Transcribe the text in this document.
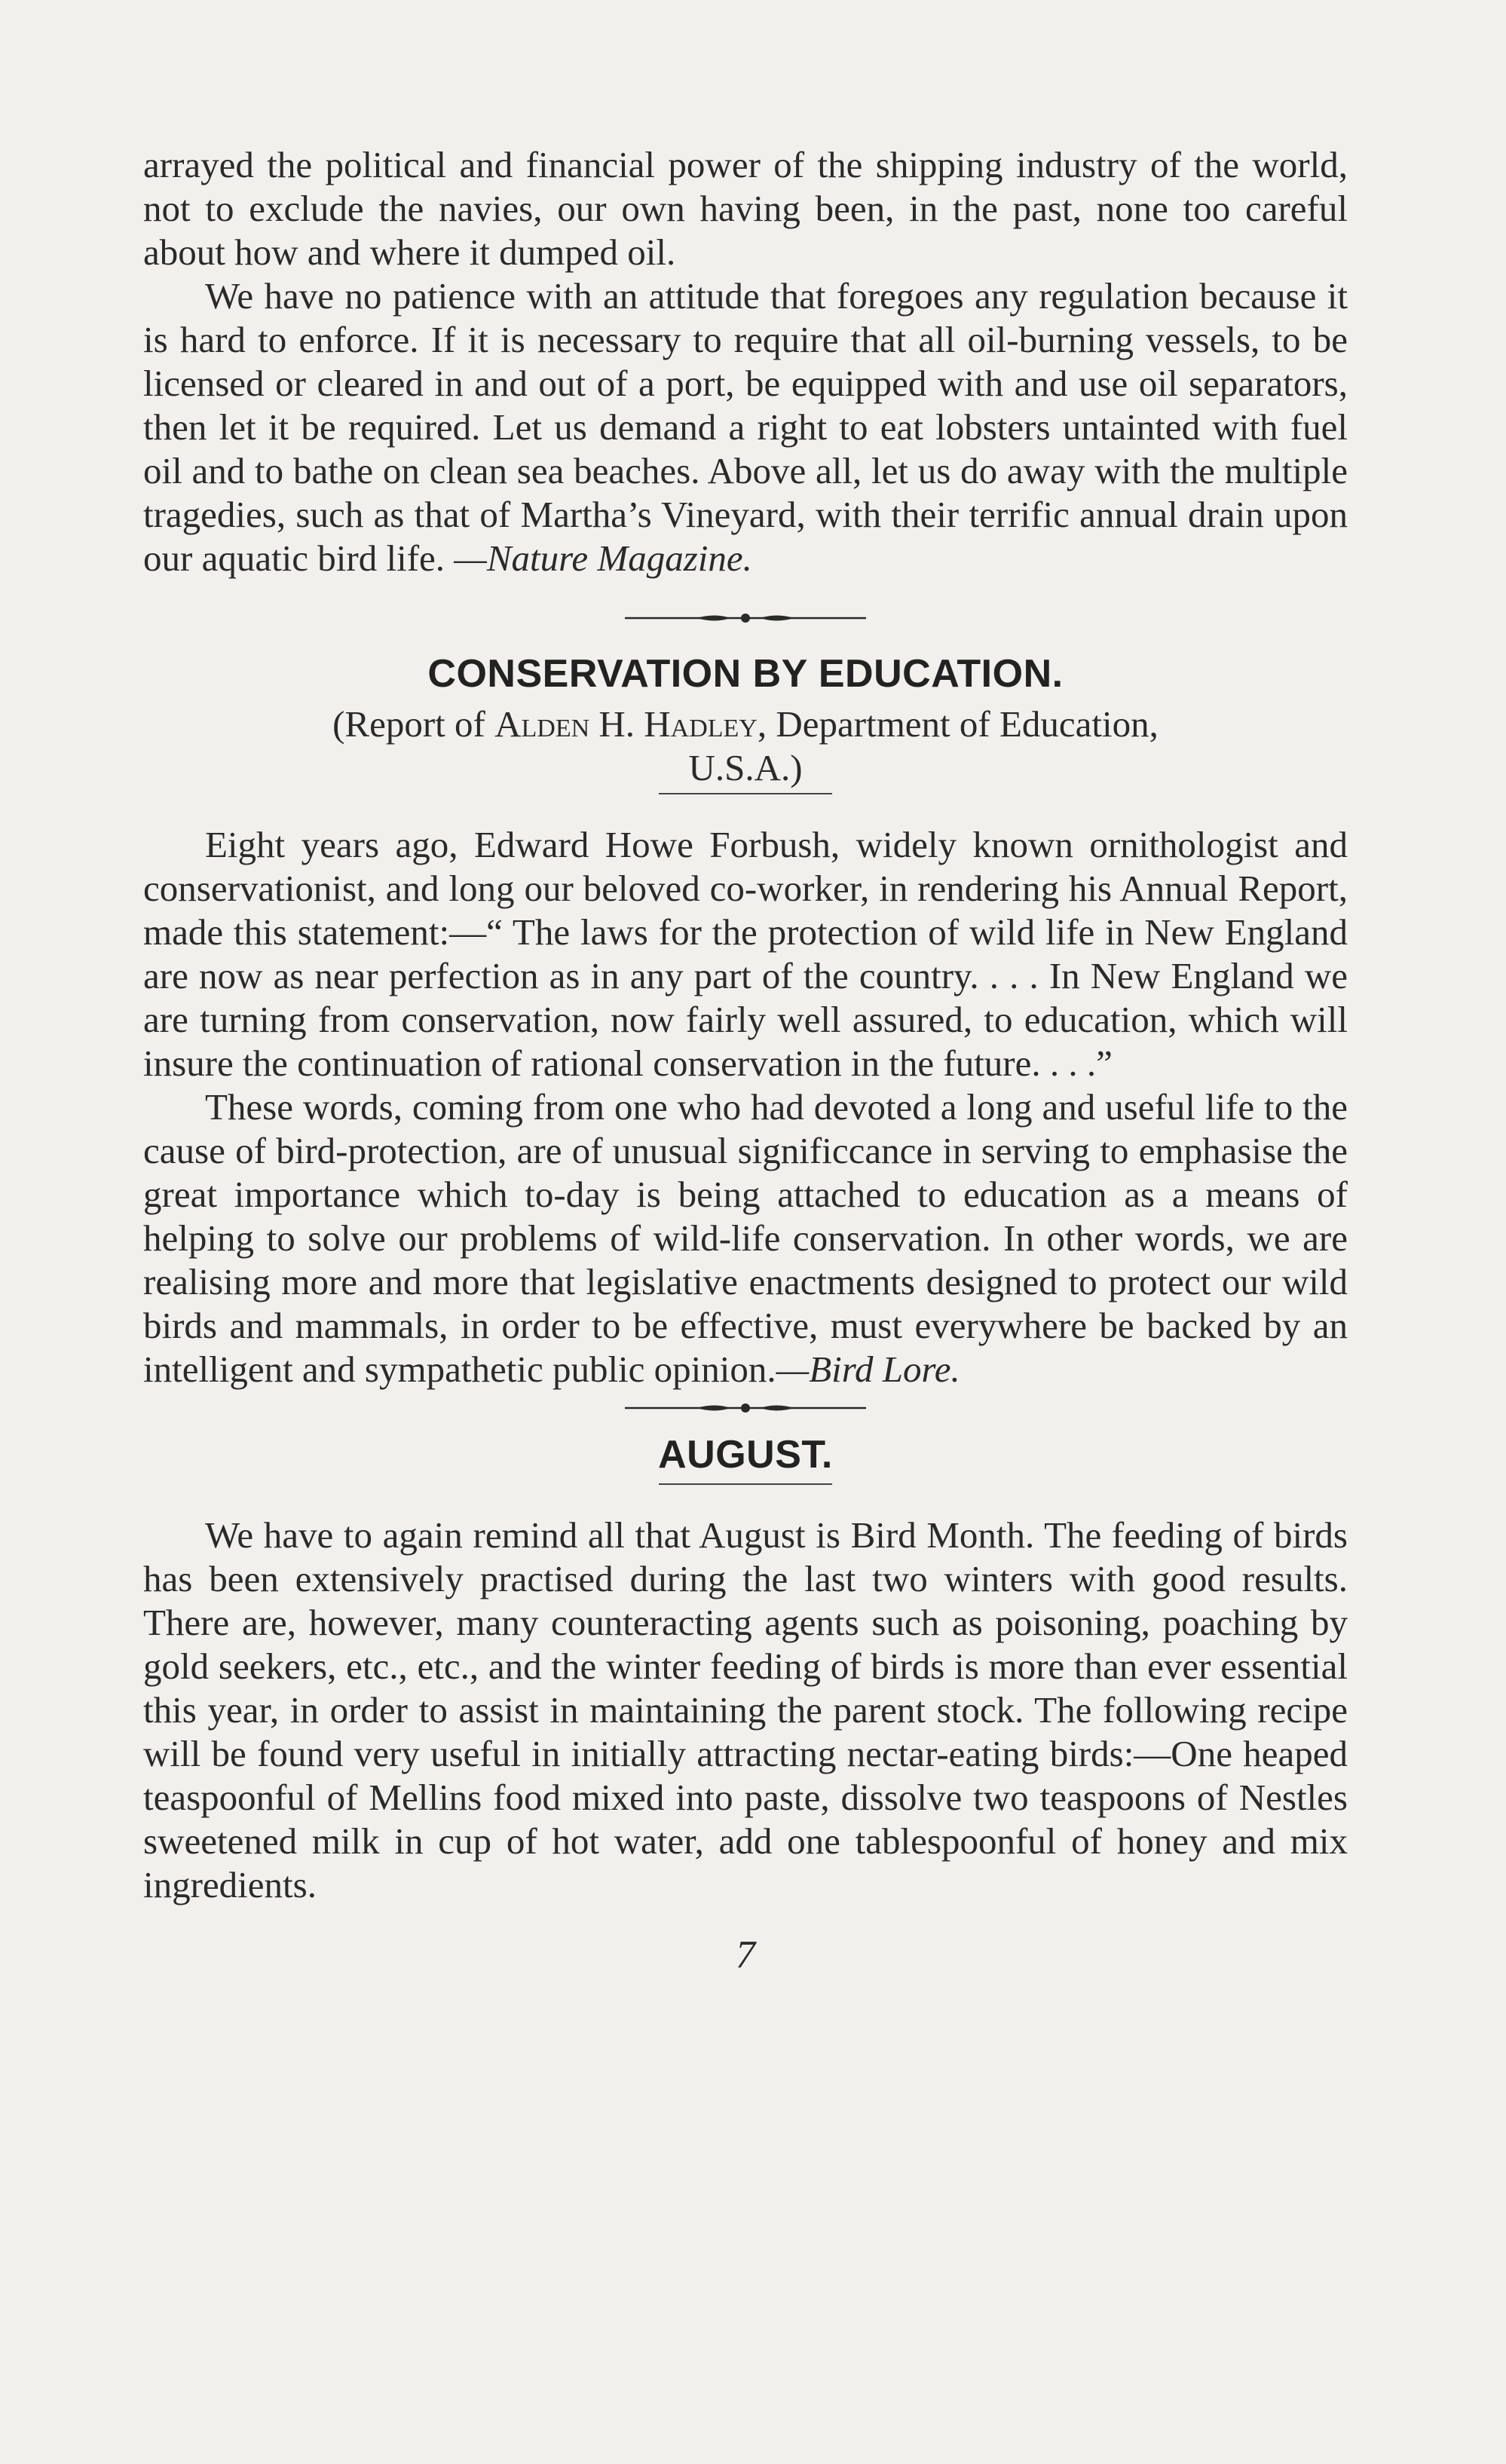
arrayed the political and financial power of the shipping industry of the world, not to exclude the navies, our own having been, in the past, none too careful about how and where it dumped oil.

We have no patience with an attitude that foregoes any regulation because it is hard to enforce. If it is necessary to require that all oil-burning vessels, to be licensed or cleared in and out of a port, be equipped with and use oil separators, then let it be required. Let us demand a right to eat lobsters untainted with fuel oil and to bathe on clean sea beaches. Above all, let us do away with the multiple tragedies, such as that of Martha’s Vineyard, with their terrific annual drain upon our aquatic bird life. —Nature Magazine.

CONSERVATION BY EDUCATION.

(Report of Alden H. Hadley, Department of Education,

U.S.A.)

Eight years ago, Edward Howe Forbush, widely known ornithologist and conservationist, and long our beloved co-worker, in rendering his Annual Report, made this statement:—“ The laws for the protection of wild life in New England are now as near perfection as in any part of the country. . . . In New England we are turning from conservation, now fairly well assured, to education, which will insure the continuation of rational conservation in the future. . . .”

These words, coming from one who had devoted a long and useful life to the cause of bird-protection, are of unusual significcance in serving to emphasise the great importance which to-day is being attached to education as a means of helping to solve our problems of wild-life conservation. In other words, we are realising more and more that legislative enactments designed to protect our wild birds and mammals, in order to be effective, must everywhere be backed by an intelligent and sympathetic public opinion.—Bird Lore.

AUGUST.

We have to again remind all that August is Bird Month. The feeding of birds has been extensively practised during the last two winters with good results. There are, however, many counteracting agents such as poisoning, poaching by gold seekers, etc., etc., and the winter feeding of birds is more than ever essential this year, in order to assist in maintaining the parent stock. The following recipe will be found very useful in initially attracting nectar-eating birds:—One heaped teaspoonful of Mellins food mixed into paste, dissolve two teaspoons of Nestles sweetened milk in cup of hot water, add one tablespoonful of honey and mix ingredients.

7
